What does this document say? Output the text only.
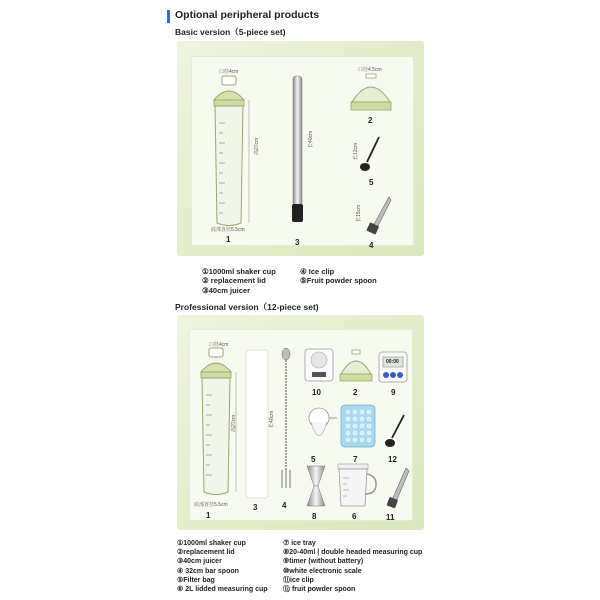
Optional peripheral products
Basic version（5-piece set)
口径4cm
高27cm
底部直径5.5cm
1
长40cm
3
口径4.5cm
2
长12cm
5
长15cm
4
①1000ml shaker cup
② replacement lid
③40cm juicer
④ Ice clip
⑤Fruit powder spoon
Professional version（12-piece set)
口径4cm
高27cm
底部直径5.5cm
1
长40cm
3	4
10	2
00:00
9
5	7	12
8	6	11
①1000ml shaker cup
②replacement lid
③40cm juicer
④ 32cm bar spoon
⑤Filter bag
⑥ 2L lidded measuring cup
⑦ ice tray
⑧20-40ml | double headed measuring cup
⑨timer (without battery)
⑩white electronic scale
⑪ice clip
⑫ fruit powder spoon
